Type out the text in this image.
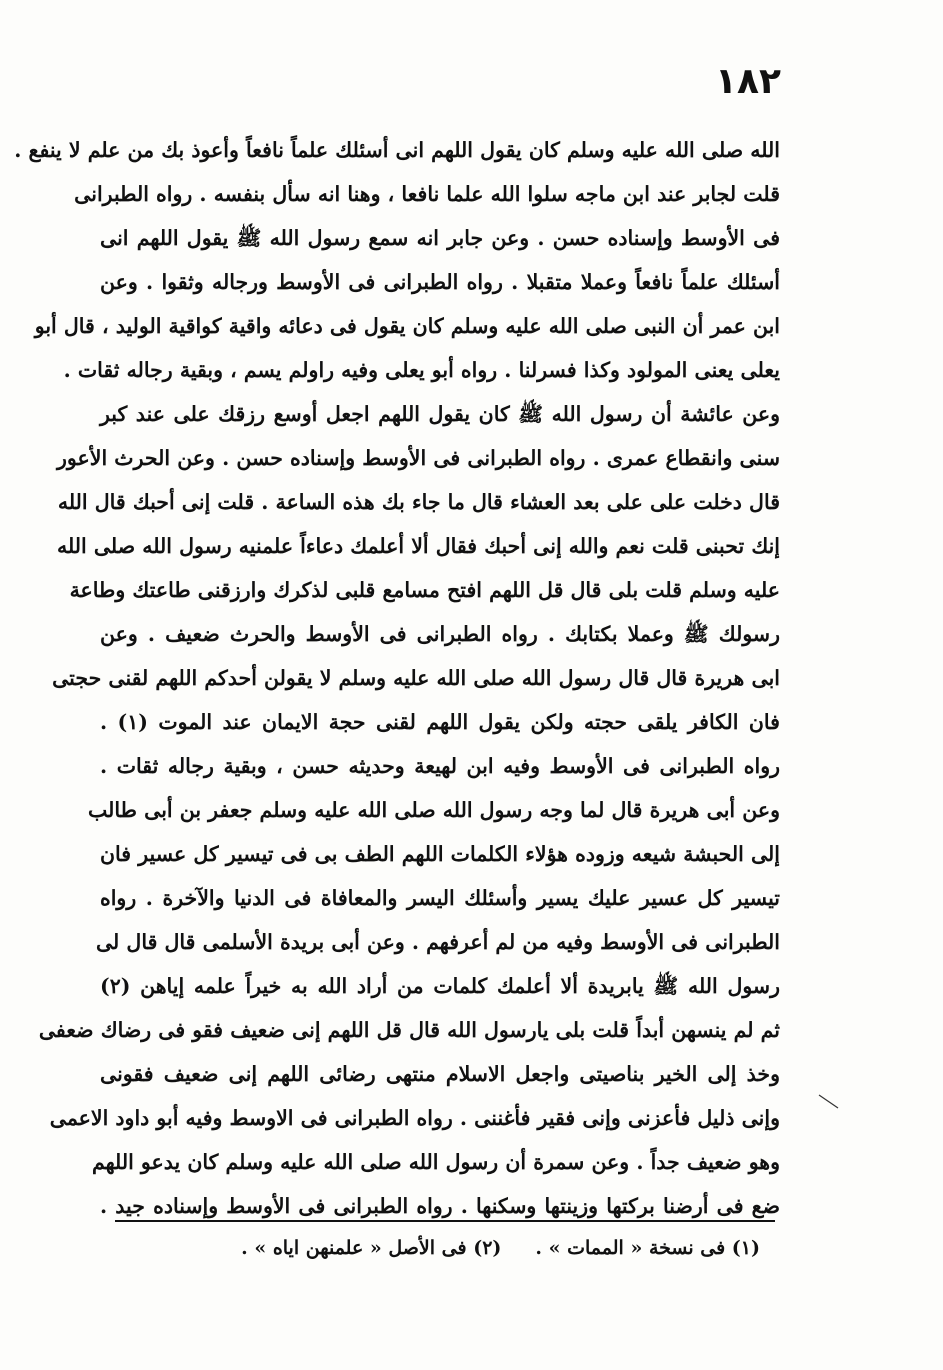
١٨٢
الله صلى الله عليه وسلم كان يقول اللهم انى أسئلك علماً نافعاً وأعوذ بك من علم لا ينفع .
قلت لجابر عند ابن ماجه سلوا الله علما نافعا ، وهنا انه سأل بنفسه . رواه الطبرانى
فى الأوسط وإسناده حسن . وعن جابر انه سمع رسول الله ﷺ يقول اللهم انى
أسئلك علماً نافعاً وعملا متقبلا . رواه الطبرانى فى الأوسط ورجاله وثقوا . وعن
ابن عمر أن النبى صلى الله عليه وسلم كان يقول فى دعائه واقية كواقية الوليد ، قال أبو
يعلى يعنى المولود وكذا فسرلنا . رواه أبو يعلى وفيه راولم يسم ، وبقية رجاله ثقات .
وعن عائشة أن رسول الله ﷺ كان يقول اللهم اجعل أوسع رزقك على عند كبر
سنى وانقطاع عمرى . رواه الطبرانى فى الأوسط وإسناده حسن . وعن الحرث الأعور
قال دخلت على على بعد العشاء قال ما جاء بك هذه الساعة . قلت إنى أحبك قال الله
إنك تحبنى قلت نعم والله إنى أحبك فقال ألا أعلمك دعاءاً علمنيه رسول الله صلى الله
عليه وسلم قلت بلى قال قل اللهم افتح مسامع قلبى لذكرك وارزقنى طاعتك وطاعة
رسولك ﷺ وعملا بكتابك . رواه الطبرانى فى الأوسط والحرث ضعيف . وعن
ابى هريرة قال قال رسول الله صلى الله عليه وسلم لا يقولن أحدكم اللهم لقنى حجتى
فان الكافر يلقى حجته ولكن يقول اللهم لقنى حجة الايمان عند الموت (١) .
رواه الطبرانى فى الأوسط وفيه ابن لهيعة وحديثه حسن ، وبقية رجاله ثقات .
وعن أبى هريرة قال لما وجه رسول الله صلى الله عليه وسلم جعفر بن أبى طالب
إلى الحبشة شيعه وزوده هؤلاء الكلمات اللهم الطف بى فى تيسير كل عسير فان
تيسير كل عسير عليك يسير وأسئلك اليسر والمعافاة فى الدنيا والآخرة . رواه
الطبرانى فى الأوسط وفيه من لم أعرفهم . وعن أبى بريدة الأسلمى قال قال لى
رسول الله ﷺ يابريدة ألا أعلمك كلمات من أراد الله به خيراً علمه إياهن (٢)
ثم لم ينسهن أبداً قلت بلى يارسول الله قال قل اللهم إنى ضعيف فقو فى رضاك ضعفى
وخذ إلى الخير بناصيتى واجعل الاسلام منتهى رضائى اللهم إنى ضعيف فقونى
وإنى ذليل فأعزنى وإنى فقير فأغننى . رواه الطبرانى فى الاوسط وفيه أبو داود الاعمى
وهو ضعيف جداً . وعن سمرة أن رسول الله صلى الله عليه وسلم كان يدعو اللهم
ضع فى أرضنا بركتها وزينتها وسكنها . رواه الطبرانى فى الأوسط وإسناده جيد .
(١) فى نسخة « الممات » .(٢) فى الأصل « علمنهن اياه » .
